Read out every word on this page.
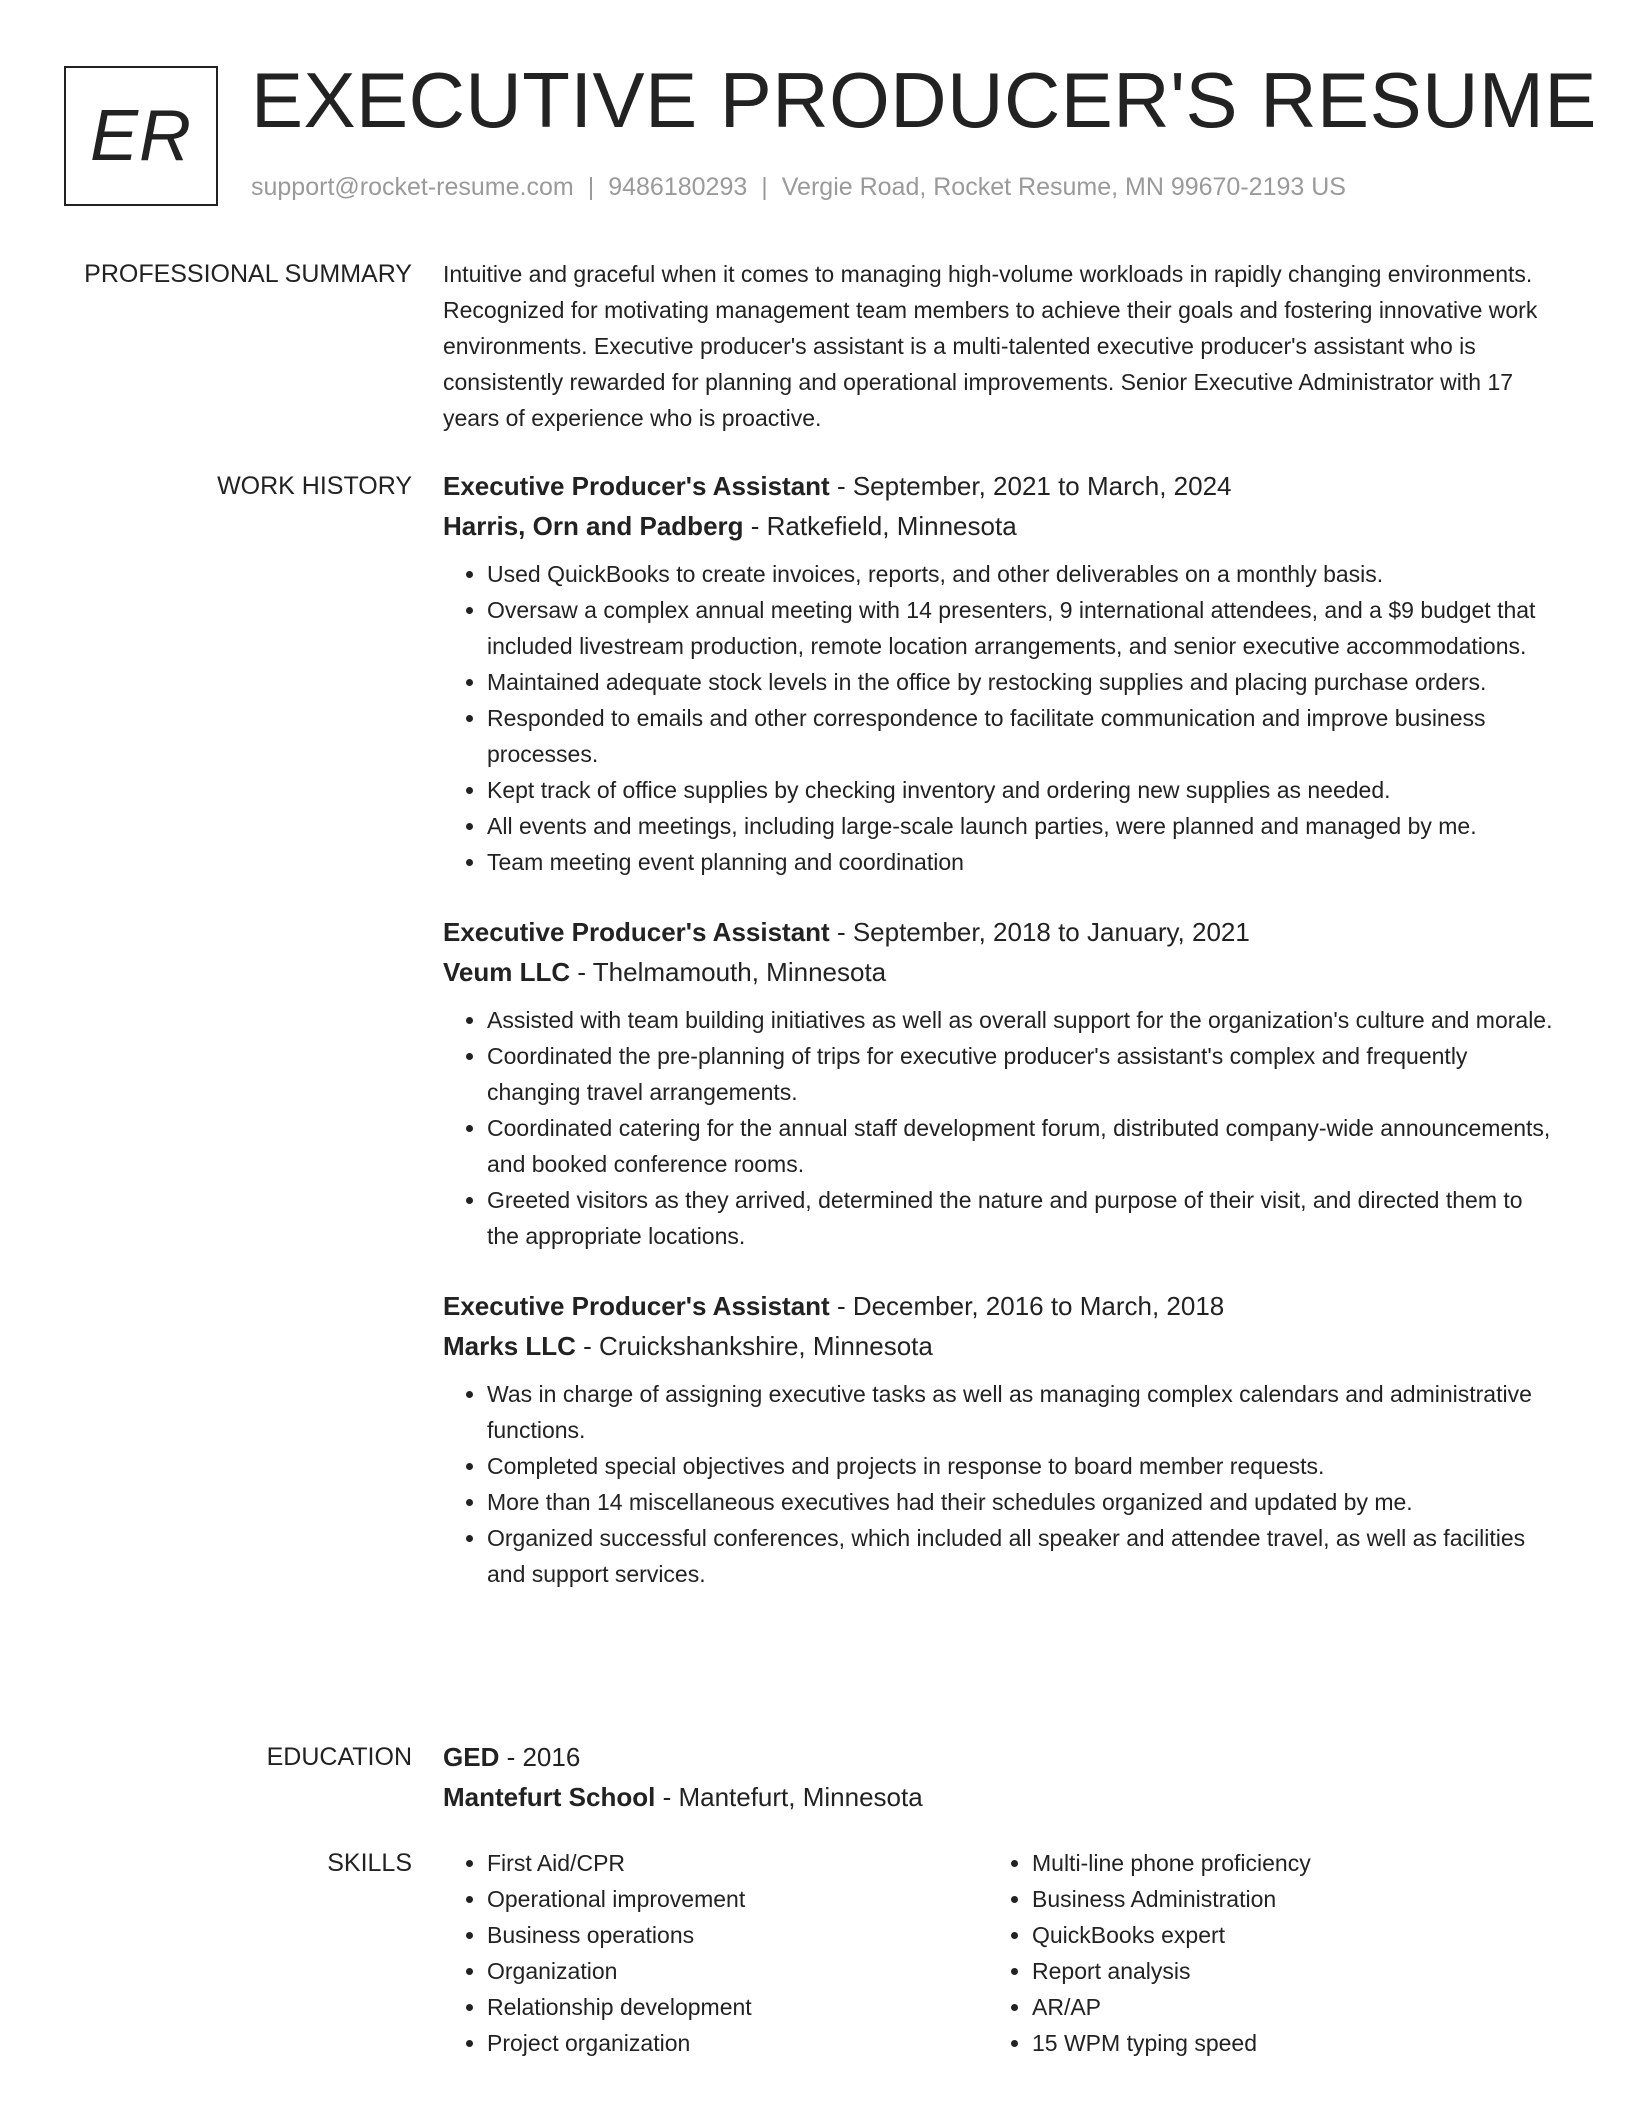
ER EXECUTIVE PRODUCER'S RESUME
support@rocket-resume.com | 9486180293 | Vergie Road, Rocket Resume, MN 99670-2193 US
PROFESSIONAL SUMMARY Intuitive and graceful when it comes to managing high-volume workloads in rapidly changing environments. Recognized for motivating management team members to achieve their goals and fostering innovative work environments. Executive producer's assistant is a multi-talented executive producer's assistant who is consistently rewarded for planning and operational improvements. Senior Executive Administrator with 17 years of experience who is proactive.

WORK HISTORY Executive Producer's Assistant - September, 2021 to March, 2024
Harris, Orn and Padberg - Ratkefield, Minnesota
• Used QuickBooks to create invoices, reports, and other deliverables on a monthly basis.
• Oversaw a complex annual meeting with 14 presenters, 9 international attendees, and a $9 budget that included livestream production, remote location arrangements, and senior executive accommodations.
• Maintained adequate stock levels in the office by restocking supplies and placing purchase orders.
• Responded to emails and other correspondence to facilitate communication and improve business processes.
• Kept track of office supplies by checking inventory and ordering new supplies as needed.
• All events and meetings, including large-scale launch parties, were planned and managed by me.
• Team meeting event planning and coordination
Executive Producer's Assistant - September, 2018 to January, 2021
Veum LLC - Thelmamouth, Minnesota
• Assisted with team building initiatives as well as overall support for the organization's culture and morale.
• Coordinated the pre-planning of trips for executive producer's assistant's complex and frequently changing travel arrangements.
• Coordinated catering for the annual staff development forum, distributed company-wide announcements, and booked conference rooms.
• Greeted visitors as they arrived, determined the nature and purpose of their visit, and directed them to the appropriate locations.
Executive Producer's Assistant - December, 2016 to March, 2018
Marks LLC - Cruickshankshire, Minnesota
• Was in charge of assigning executive tasks as well as managing complex calendars and administrative functions.
• Completed special objectives and projects in response to board member requests.
• More than 14 miscellaneous executives had their schedules organized and updated by me.
• Organized successful conferences, which included all speaker and attendee travel, as well as facilities and support services.
EDUCATION GED - 2016
Mantefurt School - Mantefurt, Minnesota
SKILLS
•	First Aid/CPR
• Operational improvement
• Business operations
• Organization
• Relationship development
• Project organization
• Multi-line phone proficiency
• Business Administration
• QuickBooks expert
• Report analysis
• AR/AP
• 15 WPM typing speed
